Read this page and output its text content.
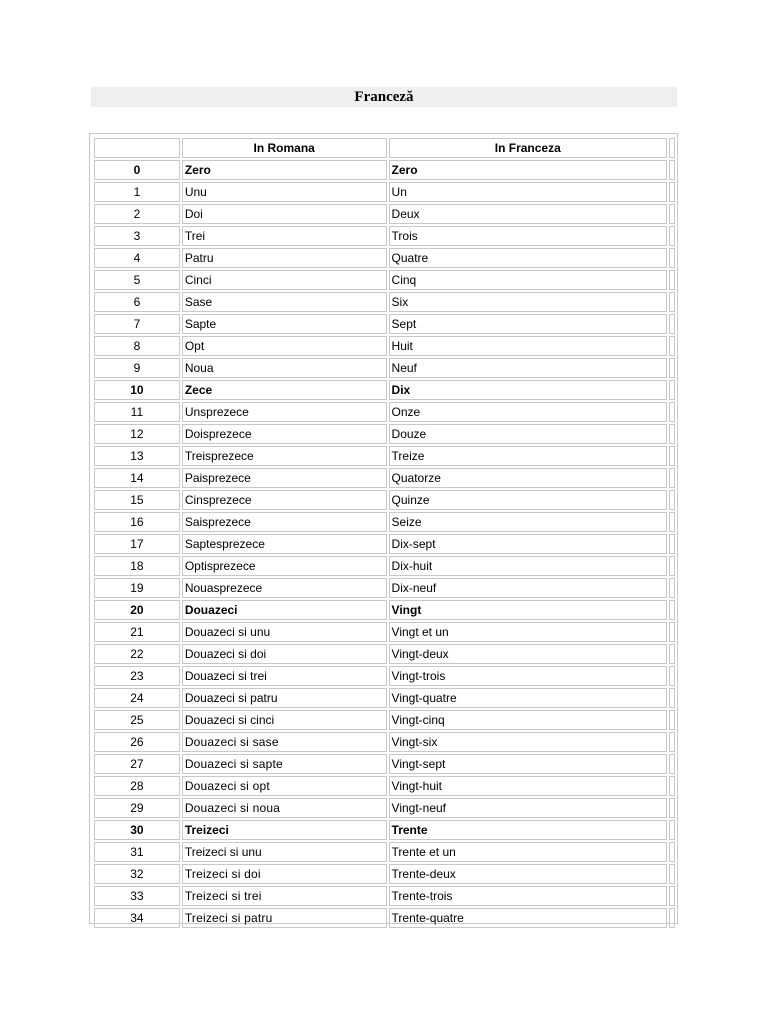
Franceză
	In Romana	In Franceza	
0	Zero	Zero	
1	Unu	Un	
2	Doi	Deux	
3	Trei	Trois	
4	Patru	Quatre	
5	Cinci	Cinq	
6	Sase	Six	
7	Sapte	Sept	
8	Opt	Huit	
9	Noua	Neuf	
10	Zece	Dix	
11	Unsprezece	Onze	
12	Doisprezece	Douze	
13	Treisprezece	Treize	
14	Paisprezece	Quatorze	
15	Cinsprezece	Quinze	
16	Saisprezece	Seize	
17	Saptesprezece	Dix-sept	
18	Optisprezece	Dix-huit	
19	Nouasprezece	Dix-neuf	
20	Douazeci	Vingt	
21	Douazeci si unu	Vingt et un	
22	Douazeci si doi	Vingt-deux	
23	Douazeci si trei	Vingt-trois	
24	Douazeci si patru	Vingt-quatre	
25	Douazeci si cinci	Vingt-cinq	
26	Douazeci si sase	Vingt-six	
27	Douazeci si sapte	Vingt-sept	
28	Douazeci si opt	Vingt-huit	
29	Douazeci si noua	Vingt-neuf	
30	Treizeci	Trente	
31	Treizeci si unu	Trente et un	
32	Treizeci si doi	Trente-deux	
33	Treizeci si trei	Trente-trois	
34	Treizeci si patru	Trente-quatre	
